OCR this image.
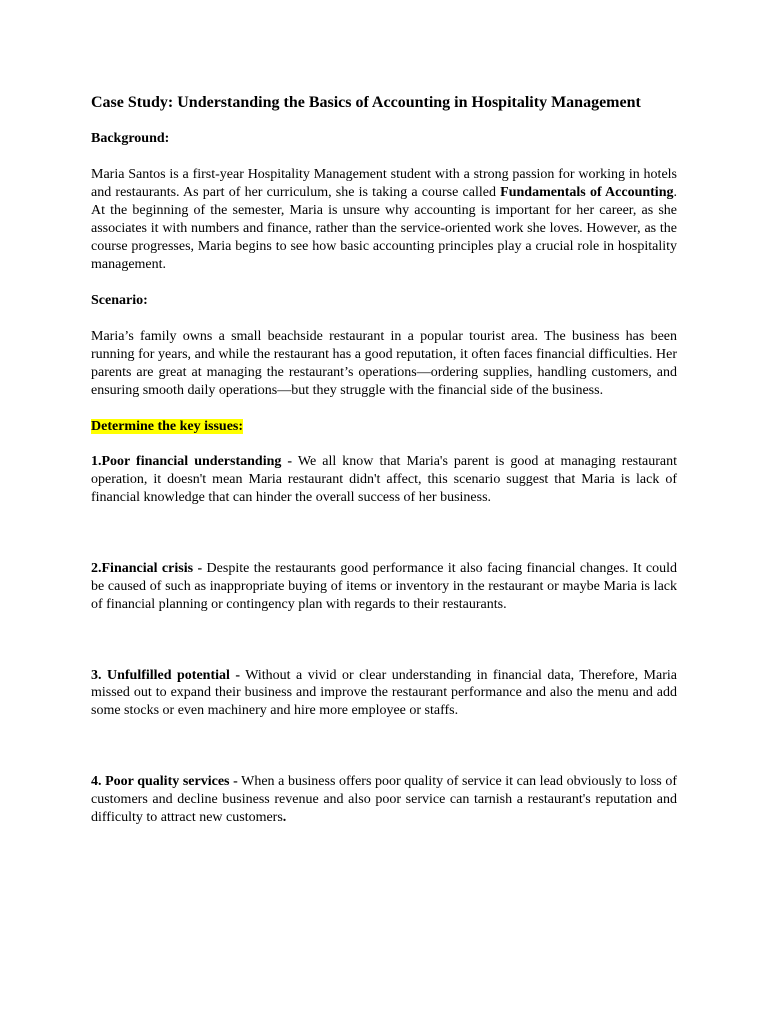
Case Study: Understanding the Basics of Accounting in Hospitality Management

Background:

Maria Santos is a first-year Hospitality Management student with a strong passion for working in hotels and restaurants. As part of her curriculum, she is taking a course called Fundamentals of Accounting. At the beginning of the semester, Maria is unsure why accounting is important for her career, as she associates it with numbers and finance, rather than the service-oriented work she loves. However, as the course progresses, Maria begins to see how basic accounting principles play a crucial role in hospitality management.

Scenario:

Maria’s family owns a small beachside restaurant in a popular tourist area. The business has been running for years, and while the restaurant has a good reputation, it often faces financial difficulties. Her parents are great at managing the restaurant’s operations—ordering supplies, handling customers, and ensuring smooth daily operations—but they struggle with the financial side of the business.

Determine the key issues:

1.Poor financial understanding - We all know that Maria's parent is good at managing restaurant operation, it doesn't mean Maria restaurant didn't affect, this scenario suggest that Maria is lack of financial knowledge that can hinder the overall success of her business.

2.Financial crisis - Despite the restaurants good performance it also facing financial changes. It could be caused of such as inappropriate buying of items or inventory in the restaurant or maybe Maria is lack of financial planning or contingency plan with regards to their restaurants.

3. Unfulfilled potential - Without a vivid or clear understanding in financial data, Therefore, Maria missed out to expand their business and improve the restaurant performance and also the menu and add some stocks or even machinery and hire more employee or staffs.

4. Poor quality services - When a business offers poor quality of service it can lead obviously to loss of customers and decline business revenue and also poor service can tarnish a restaurant's reputation and difficulty to attract new customers.
